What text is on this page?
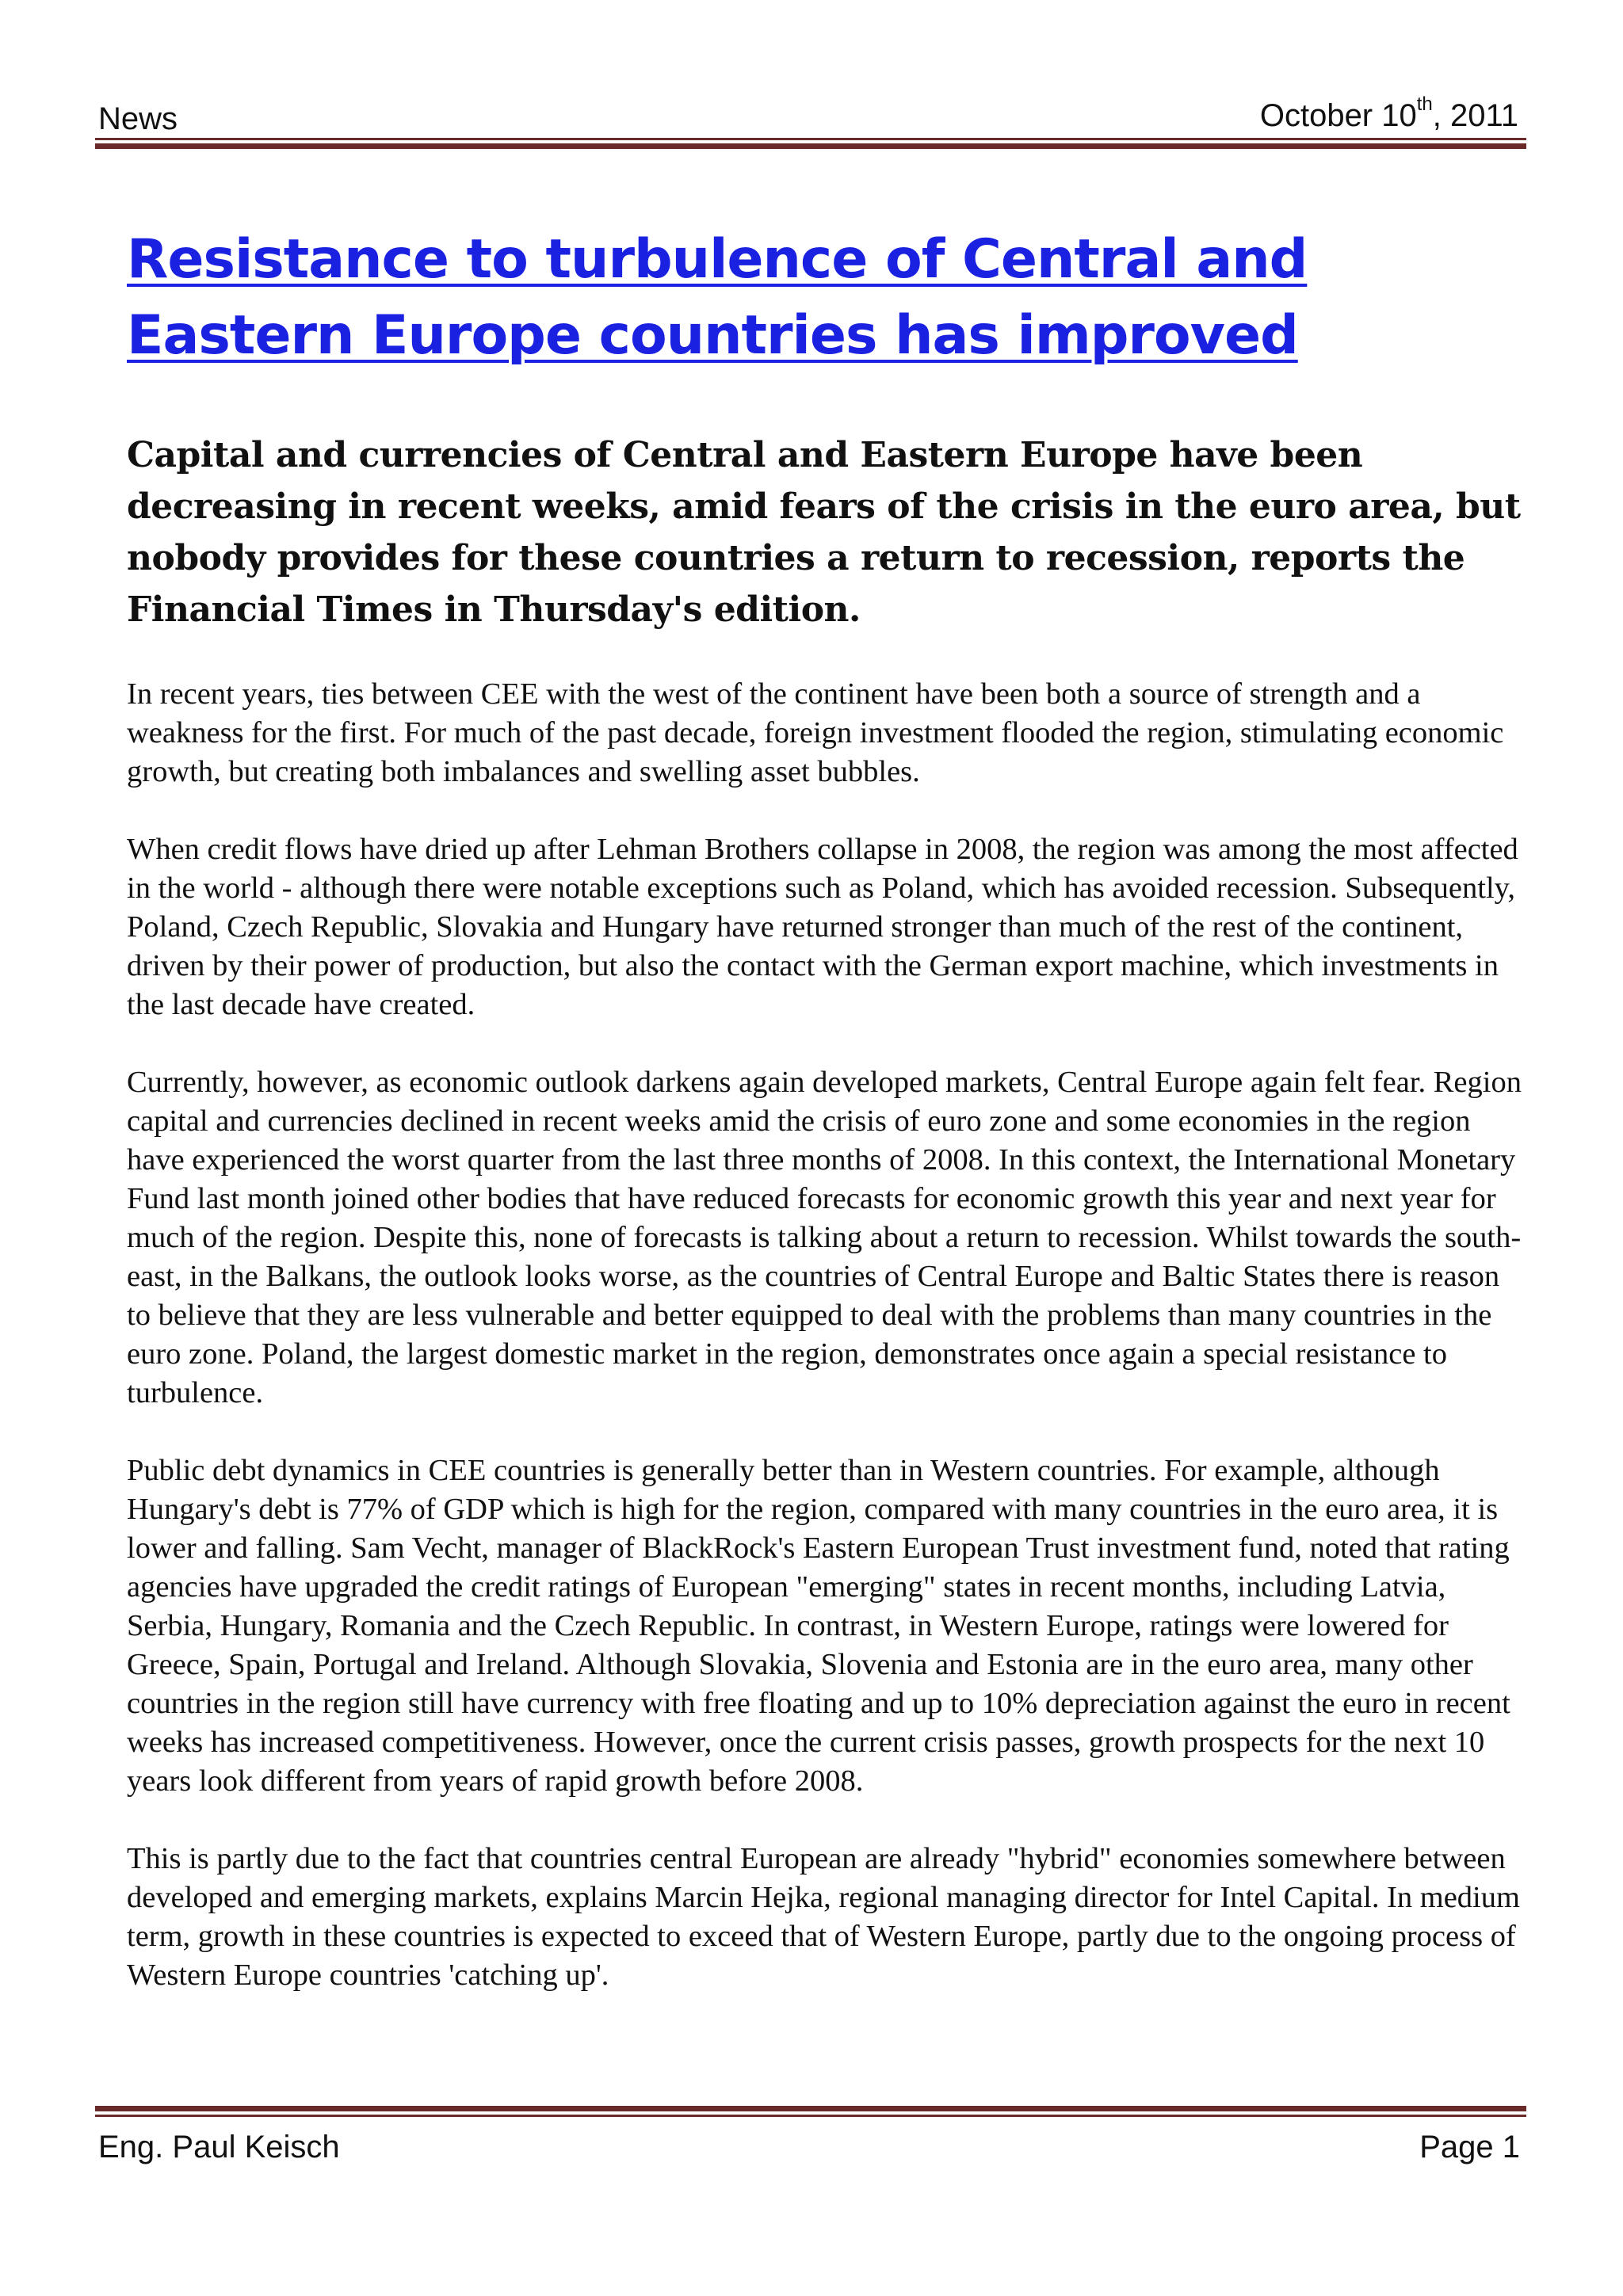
News	October 10th, 2011
Resistance to turbulence of Central and Eastern Europe countries has improved

Capital and currencies of Central and Eastern Europe have been decreasing in recent weeks, amid fears of the crisis in the euro area, but nobody provides for these countries a return to recession, reports the Financial Times in Thursday's edition.

In recent years, ties between CEE with the west of the continent have been both a source of strength and a weakness for the first. For much of the past decade, foreign investment flooded the region, stimulating economic growth, but creating both imbalances and swelling asset bubbles.

When credit flows have dried up after Lehman Brothers collapse in 2008, the region was among the most affected in the world - although there were notable exceptions such as Poland, which has avoided recession. Subsequently, Poland, Czech Republic, Slovakia and Hungary have returned stronger than much of the rest of the continent, driven by their power of production, but also the contact with the German export machine, which investments in the last decade have created.

Currently, however, as economic outlook darkens again developed markets, Central Europe again felt fear. Region capital and currencies declined in recent weeks amid the crisis of euro zone and some economies in the region have experienced the worst quarter from the last three months of 2008. In this context, the International Monetary Fund last month joined other bodies that have reduced forecasts for economic growth this year and next year for much of the region. Despite this, none of forecasts is talking about a return to recession. Whilst towards the south-east, in the Balkans, the outlook looks worse, as the countries of Central Europe and Baltic States there is reason to believe that they are less vulnerable and better equipped to deal with the problems than many countries in the euro zone. Poland, the largest domestic market in the region, demonstrates once again a special resistance to turbulence.

Public debt dynamics in CEE countries is generally better than in Western countries. For example, although Hungary's debt is 77% of GDP which is high for the region, compared with many countries in the euro area, it is lower and falling. Sam Vecht, manager of BlackRock's Eastern European Trust investment fund, noted that rating agencies have upgraded the credit ratings of European "emerging" states in recent months, including Latvia, Serbia, Hungary, Romania and the Czech Republic. In contrast, in Western Europe, ratings were lowered for Greece, Spain, Portugal and Ireland. Although Slovakia, Slovenia and Estonia are in the euro area, many other countries in the region still have currency with free floating and up to 10% depreciation against the euro in recent weeks has increased competitiveness. However, once the current crisis passes, growth prospects for the next 10 years look different from years of rapid growth before 2008.

This is partly due to the fact that countries central European are already "hybrid" economies somewhere between developed and emerging markets, explains Marcin Hejka, regional managing director for Intel Capital. In medium term, growth in these countries is expected to exceed that of Western Europe, partly due to the ongoing process of Western Europe countries 'catching up'.

Eng. Paul Keisch	Page 1
